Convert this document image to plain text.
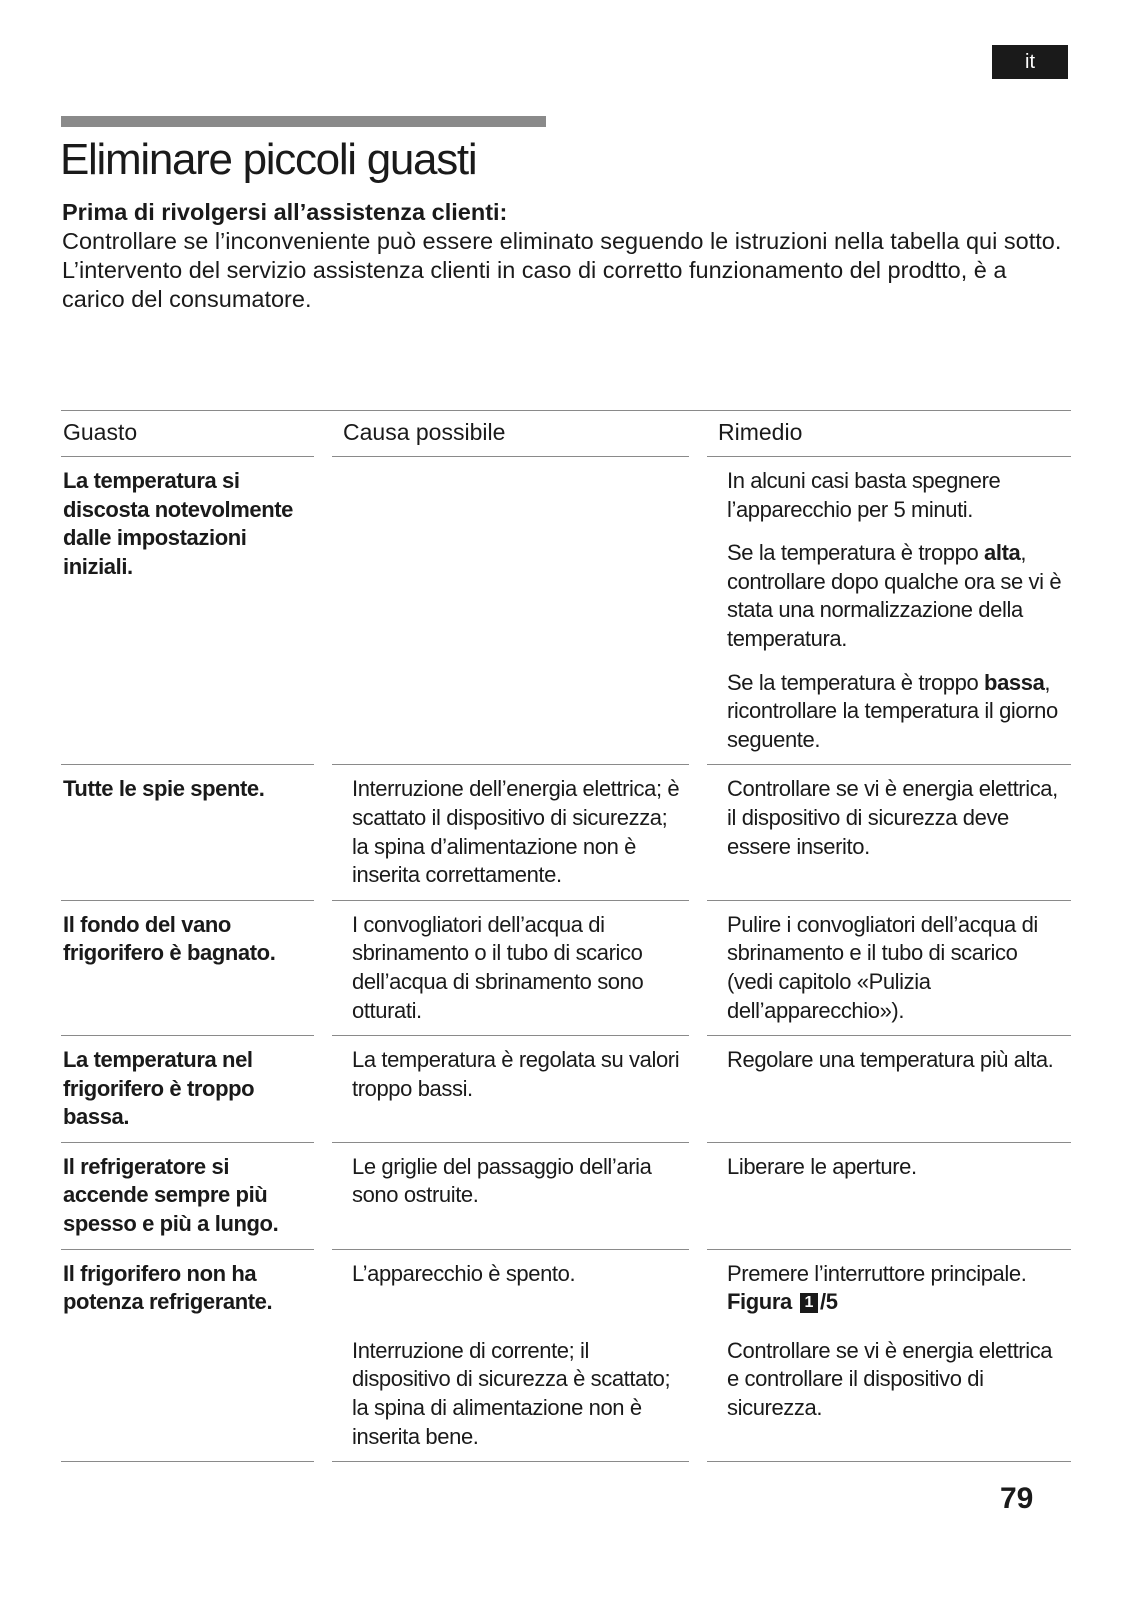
it
Eliminare piccoli guasti

Prima di rivolgersi all’assistenza clienti:

Controllare se l’inconveniente può essere eliminato seguendo le istruzioni nella tabella qui sotto.

L’intervento del servizio assistenza clienti in caso di corretto funzionamento del prodtto, è a carico del consumatore.

Guasto	Causa possibile	Rimedio
La temperatura si discosta notevolmente dalle impostazioni iniziali.		In alcuni casi basta spegnere l’apparecchio per 5 minuti.

Se la temperatura è troppo alta, controllare dopo qualche ora se vi è stata una normalizzazione della temperatura.

Se la temperatura è troppo bassa, ricontrollare la temperatura il giorno seguente.

Tutte le spie spente.	Interruzione dell’energia elettrica; è scattato il dispositivo di sicurezza; la spina d’alimentazione non è inserita correttamente.	Controllare se vi è energia elettrica, il dispositivo di sicurezza deve essere inserito.
Il fondo del vano frigorifero è bagnato.	I convogliatori dell’acqua di sbrinamento o il tubo di scarico dell’acqua di sbrinamento sono otturati.	Pulire i convogliatori dell’acqua di sbrinamento e il tubo di scarico (vedi capitolo «Pulizia dell’apparecchio»).
La temperatura nel frigorifero è troppo bassa.	La temperatura è regolata su valori troppo bassi.	Regolare una temperatura più alta.
Il refrigeratore si accende sempre più spesso e più a lungo.	Le griglie del passaggio dell’aria sono ostruite.	Liberare le aperture.
Il frigorifero non ha potenza refrigerante.	L’apparecchio è spento.	Premere l’interruttore principale.
Figura 1 /5

	Interruzione di corrente; il dispositivo di sicurezza è scattato; la spina di alimentazione non è inserita bene.	Controllare se vi è energia elettrica e controllare il dispositivo di sicurezza.
79
